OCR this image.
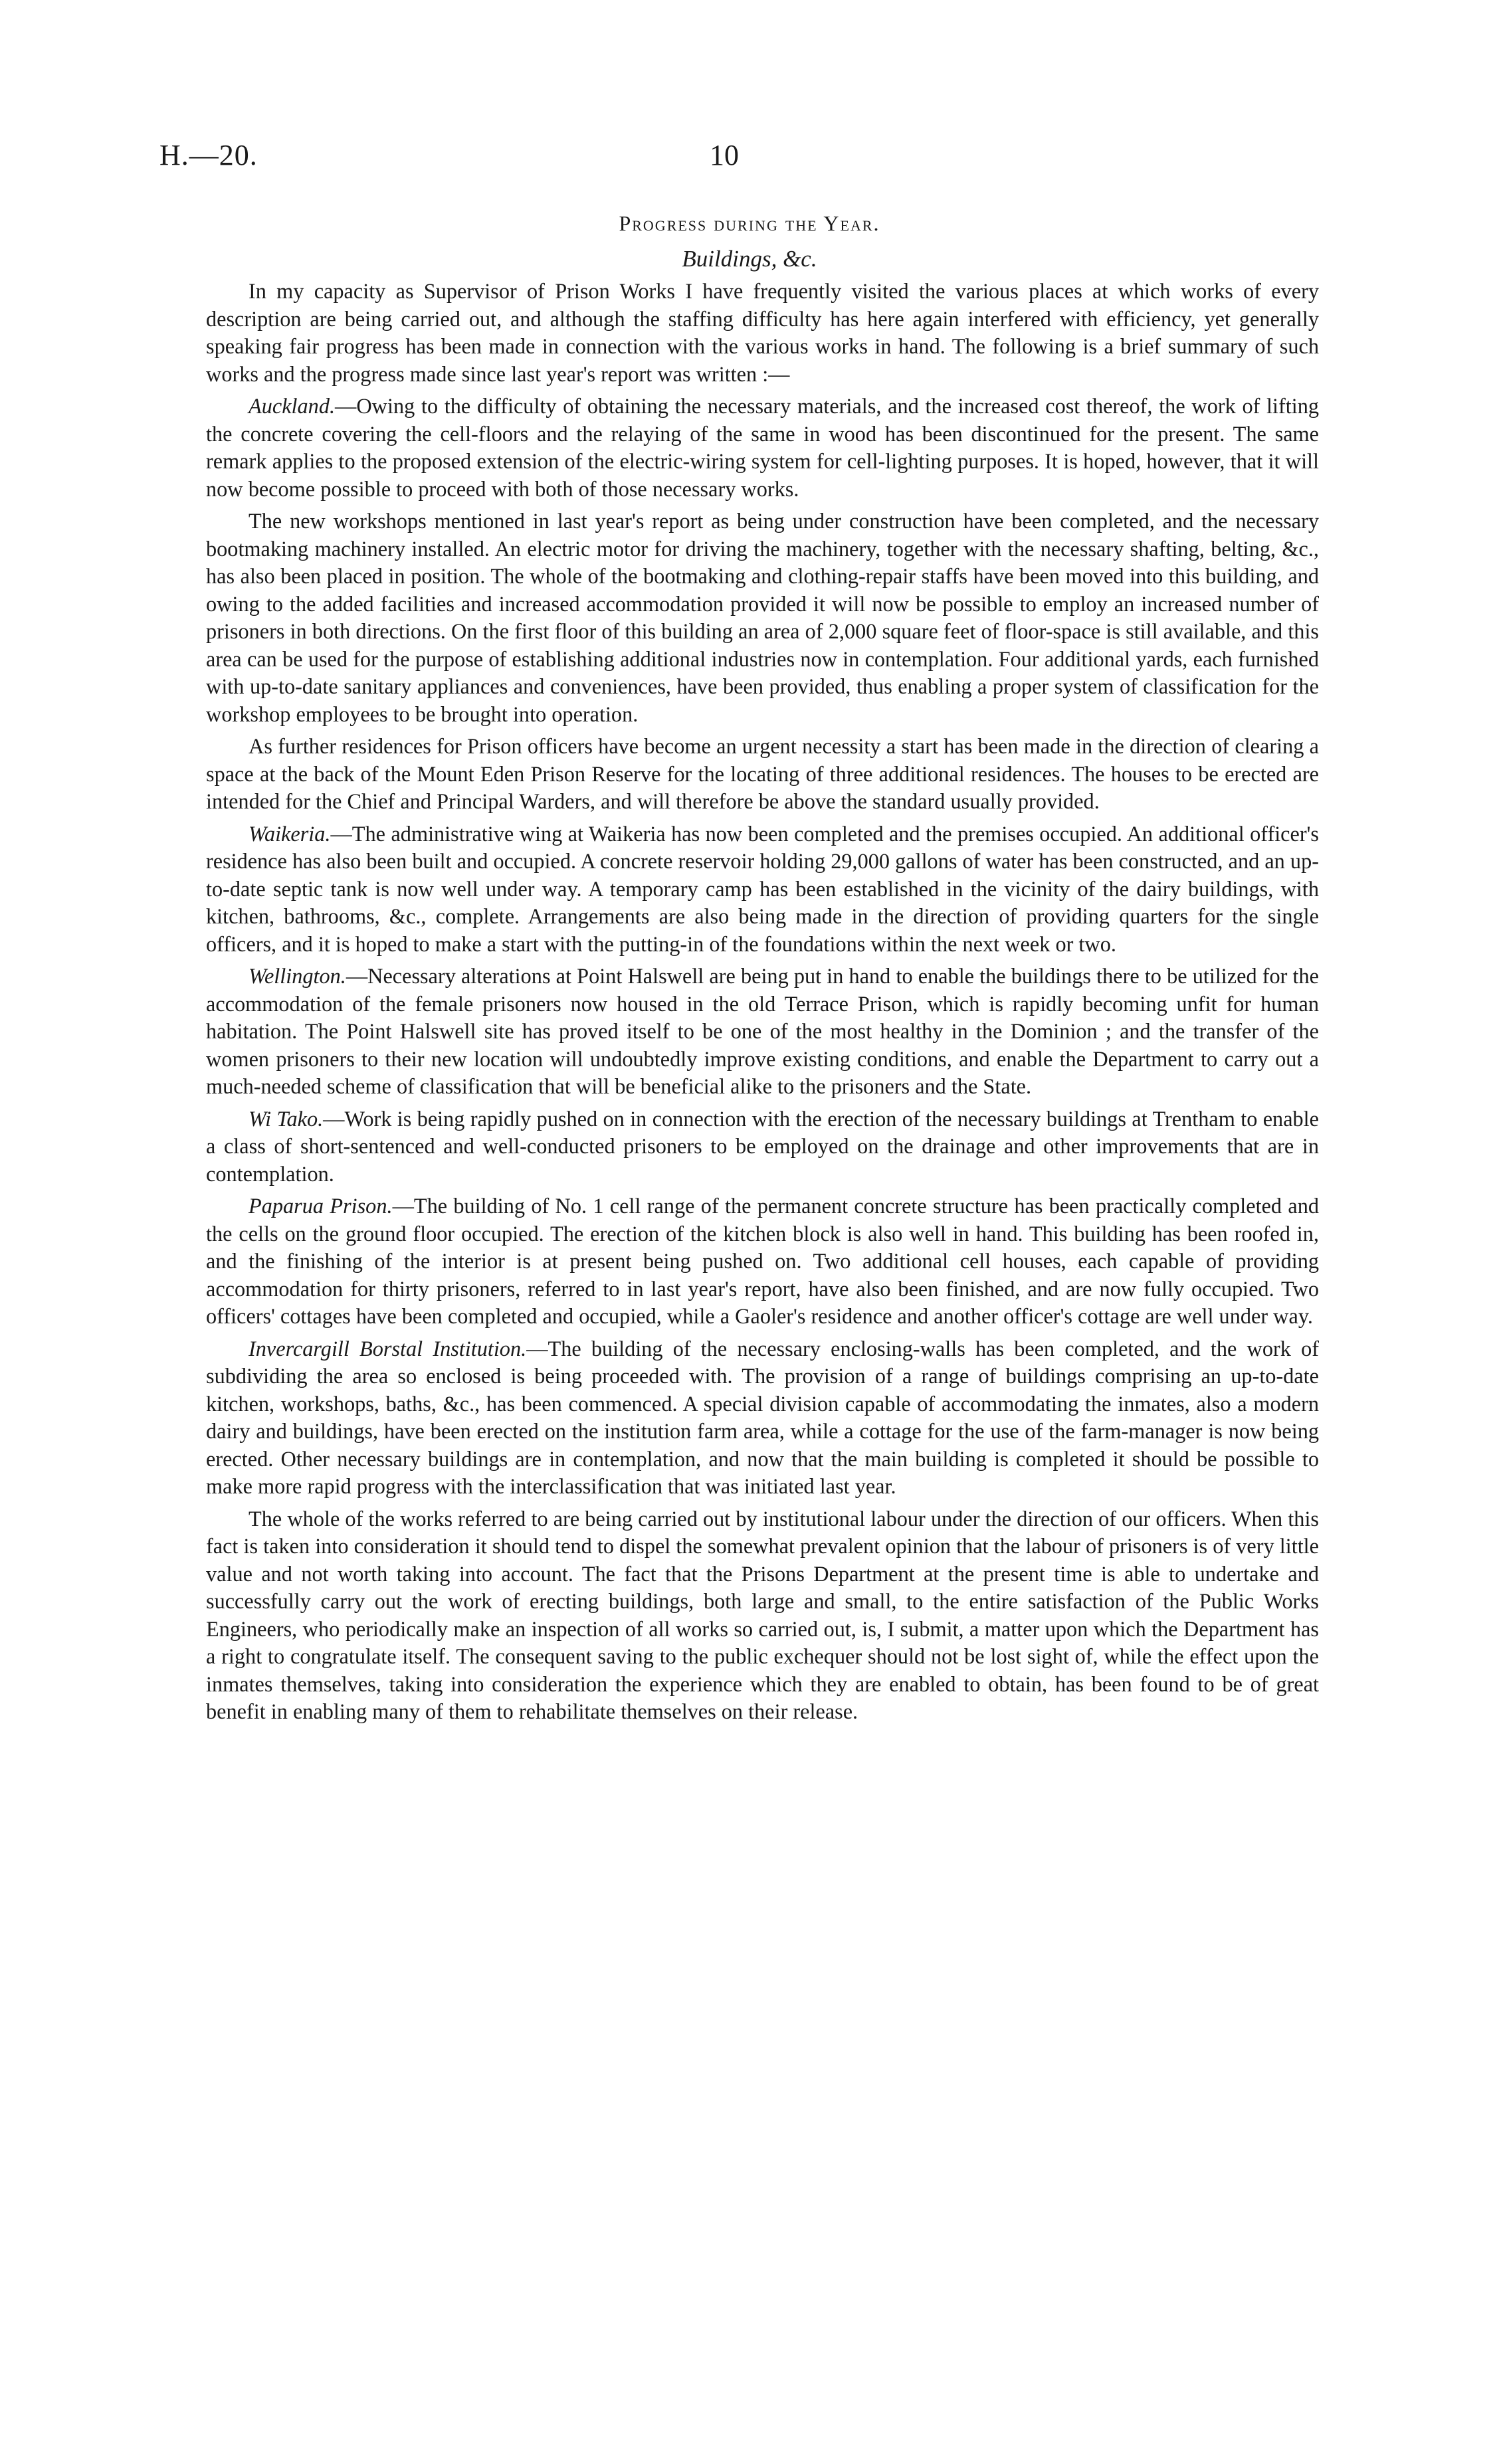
H.—20.	10
Progress during the Year.
Buildings, &c.

In my capacity as Supervisor of Prison Works I have frequently visited the various places at which works of every description are being carried out, and although the staffing difficulty has here again interfered with efficiency, yet generally speaking fair progress has been made in connection with the various works in hand. The following is a brief summary of such works and the progress made since last year's report was written :—

Auckland.—Owing to the difficulty of obtaining the necessary materials, and the increased cost thereof, the work of lifting the concrete covering the cell-floors and the relaying of the same in wood has been discontinued for the present. The same remark applies to the proposed extension of the electric-wiring system for cell-lighting purposes. It is hoped, however, that it will now become possible to proceed with both of those necessary works.

The new workshops mentioned in last year's report as being under construction have been completed, and the necessary bootmaking machinery installed. An electric motor for driving the machinery, together with the necessary shafting, belting, &c., has also been placed in position. The whole of the bootmaking and clothing-repair staffs have been moved into this building, and owing to the added facilities and increased accommodation provided it will now be possible to employ an increased number of prisoners in both directions. On the first floor of this building an area of 2,000 square feet of floor-space is still available, and this area can be used for the purpose of establishing additional industries now in contemplation. Four additional yards, each furnished with up-to-date sanitary appliances and conveniences, have been provided, thus enabling a proper system of classification for the workshop employees to be brought into operation.

As further residences for Prison officers have become an urgent necessity a start has been made in the direction of clearing a space at the back of the Mount Eden Prison Reserve for the locating of three additional residences. The houses to be erected are intended for the Chief and Principal Warders, and will therefore be above the standard usually provided.

Waikeria.—The administrative wing at Waikeria has now been completed and the premises occupied. An additional officer's residence has also been built and occupied. A concrete reservoir holding 29,000 gallons of water has been constructed, and an up-to-date septic tank is now well under way. A temporary camp has been established in the vicinity of the dairy buildings, with kitchen, bathrooms, &c., complete. Arrangements are also being made in the direction of providing quarters for the single officers, and it is hoped to make a start with the putting-in of the foundations within the next week or two.

Wellington.—Necessary alterations at Point Halswell are being put in hand to enable the buildings there to be utilized for the accommodation of the female prisoners now housed in the old Terrace Prison, which is rapidly becoming unfit for human habitation. The Point Halswell site has proved itself to be one of the most healthy in the Dominion ; and the transfer of the women prisoners to their new location will undoubtedly improve existing conditions, and enable the Department to carry out a much-needed scheme of classification that will be beneficial alike to the prisoners and the State.

Wi Tako.—Work is being rapidly pushed on in connection with the erection of the necessary buildings at Trentham to enable a class of short-sentenced and well-conducted prisoners to be employed on the drainage and other improvements that are in contemplation.

Paparua Prison.—The building of No. 1 cell range of the permanent concrete structure has been practically completed and the cells on the ground floor occupied. The erection of the kitchen block is also well in hand. This building has been roofed in, and the finishing of the interior is at present being pushed on. Two additional cell houses, each capable of providing accommodation for thirty prisoners, referred to in last year's report, have also been finished, and are now fully occupied. Two officers' cottages have been completed and occupied, while a Gaoler's residence and another officer's cottage are well under way.

Invercargill Borstal Institution.—The building of the necessary enclosing-walls has been completed, and the work of subdividing the area so enclosed is being proceeded with. The provision of a range of buildings comprising an up-to-date kitchen, workshops, baths, &c., has been commenced. A special division capable of accommodating the inmates, also a modern dairy and buildings, have been erected on the institution farm area, while a cottage for the use of the farm-manager is now being erected. Other necessary buildings are in contemplation, and now that the main building is completed it should be possible to make more rapid progress with the interclassification that was initiated last year.

The whole of the works referred to are being carried out by institutional labour under the direction of our officers. When this fact is taken into consideration it should tend to dispel the somewhat prevalent opinion that the labour of prisoners is of very little value and not worth taking into account. The fact that the Prisons Department at the present time is able to undertake and successfully carry out the work of erecting buildings, both large and small, to the entire satisfaction of the Public Works Engineers, who periodically make an inspection of all works so carried out, is, I submit, a matter upon which the Department has a right to congratulate itself. The consequent saving to the public exchequer should not be lost sight of, while the effect upon the inmates themselves, taking into consideration the experience which they are enabled to obtain, has been found to be of great benefit in enabling many of them to rehabilitate themselves on their release.
